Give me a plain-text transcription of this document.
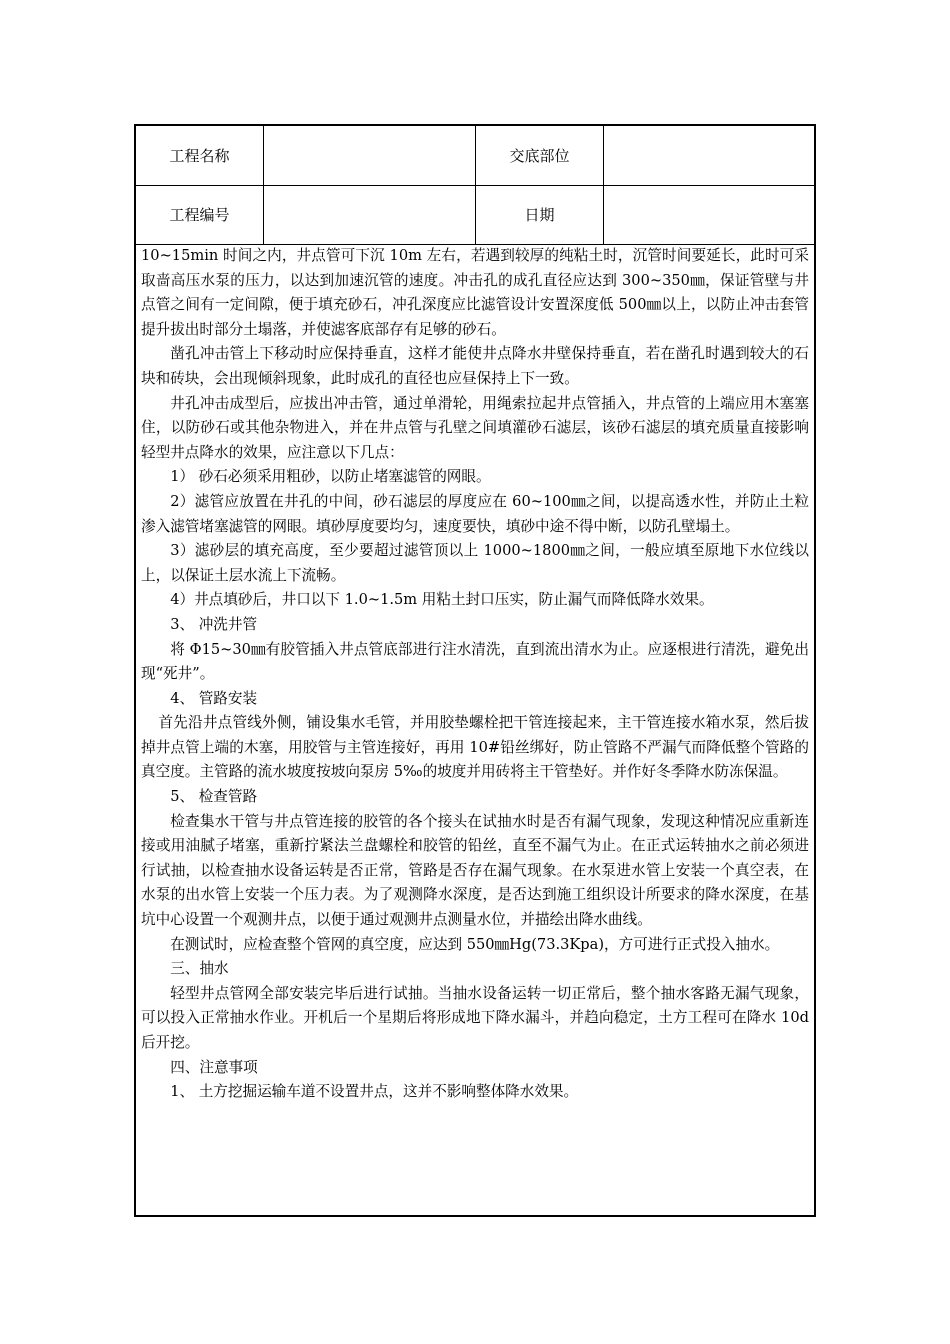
工程名称	交底部位
工程编号	日期

10~15min 时间之内，井点管可下沉 10m 左右，若遇到较厚的纯粘土时，沉管时间要延长，此时可采取啬高压水泵的压力，以达到加速沉管的速度。冲击孔的成孔直径应达到 300~350㎜，保证管壁与井点管之间有一定间隙，便于填充砂石，冲孔深度应比滤管设计安置深度低 500㎜以上，以防止冲击套管提升拔出时部分土塌落，并使滤客底部存有足够的砂石。

凿孔冲击管上下移动时应保持垂直，这样才能使井点降水井壁保持垂直，若在凿孔时遇到较大的石块和砖块，会出现倾斜现象，此时成孔的直径也应昼保持上下一致。

井孔冲击成型后，应拔出冲击管，通过单滑轮，用绳索拉起井点管插入，井点管的上端应用木塞塞住，以防砂石或其他杂物进入，并在井点管与孔壁之间填灌砂石滤层，该砂石滤层的填充质量直接影响轻型井点降水的效果，应注意以下几点：

1） 砂石必须采用粗砂，以防止堵塞滤管的网眼。

2）滤管应放置在井孔的中间，砂石滤层的厚度应在 60~100㎜之间，以提高透水性，并防止土粒渗入滤管堵塞滤管的网眼。填砂厚度要均匀，速度要快，填砂中途不得中断，以防孔壁塌土。

3）滤砂层的填充高度，至少要超过滤管顶以上 1000~1800㎜之间，一般应填至原地下水位线以上，以保证土层水流上下流畅。

4）井点填砂后，井口以下 1.0~1.5m 用粘土封口压实，防止漏气而降低降水效果。

3、 冲洗井管

将 Φ15~30㎜有胶管插入井点管底部进行注水清洗，直到流出清水为止。应逐根进行清洗，避免出现“死井”。

4、 管路安装

首先沿井点管线外侧，铺设集水毛管，并用胶垫螺栓把干管连接起来，主干管连接水箱水泵，然后拔掉井点管上端的木塞，用胶管与主管连接好，再用 10#铅丝绑好，防止管路不严漏气而降低整个管路的真空度。主管路的流水坡度按坡向泵房 5‰的坡度并用砖将主干管垫好。并作好冬季降水防冻保温。

5、 检查管路

检查集水干管与井点管连接的胶管的各个接头在试抽水时是否有漏气现象，发现这种情况应重新连接或用油腻子堵塞，重新拧紧法兰盘螺栓和胶管的铅丝，直至不漏气为止。在正式运转抽水之前必须进行试抽，以检查抽水设备运转是否正常，管路是否存在漏气现象。在水泵进水管上安装一个真空表，在水泵的出水管上安装一个压力表。为了观测降水深度，是否达到施工组织设计所要求的降水深度，在基坑中心设置一个观测井点，以便于通过观测井点测量水位，并描绘出降水曲线。

在测试时，应检查整个管网的真空度，应达到 550㎜Hg(73.3Kpa)，方可进行正式投入抽水。

三、抽水

轻型井点管网全部安装完毕后进行试抽。当抽水设备运转一切正常后，整个抽水客路无漏气现象，可以投入正常抽水作业。开机后一个星期后将形成地下降水漏斗，并趋向稳定，土方工程可在降水 10d 后开挖。

四、注意事项

1、 土方挖掘运输车道不设置井点，这并不影响整体降水效果。
